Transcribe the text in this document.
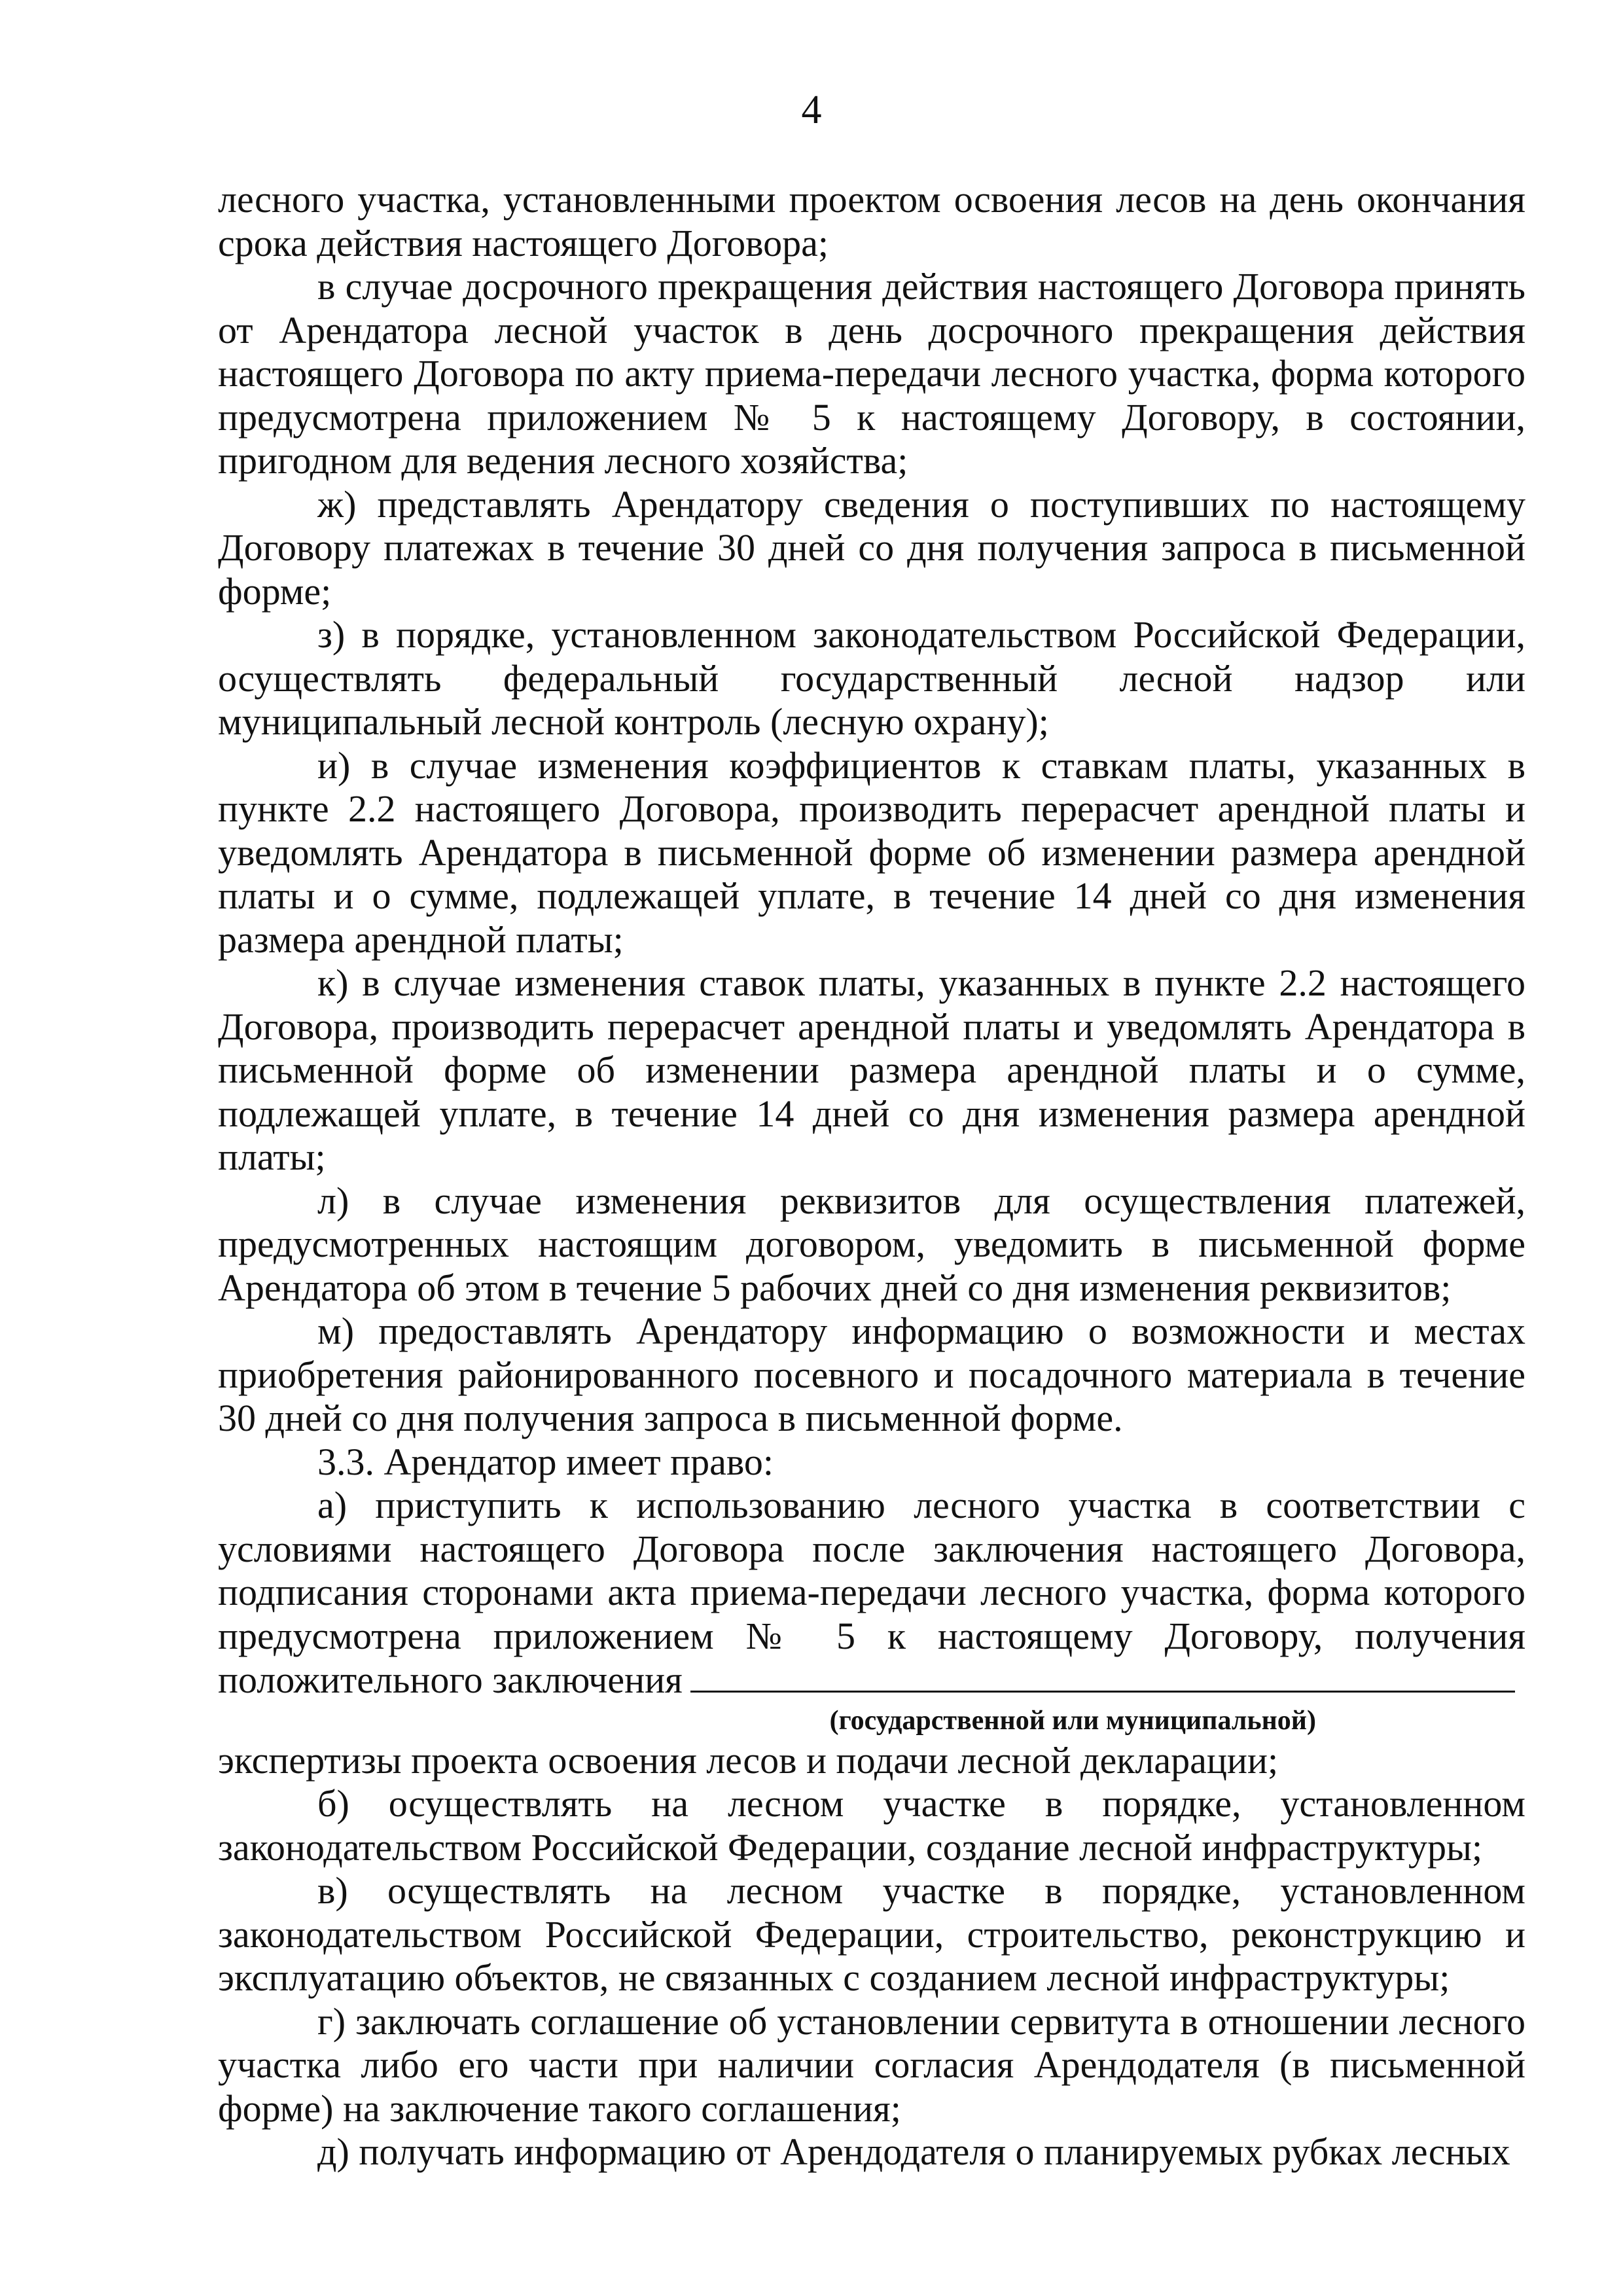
4

лесного участка, установленными проектом освоения лесов на день окончания срока действия настоящего Договора;

в случае досрочного прекращения действия настоящего Договора принять от Арендатора лесной участок в день досрочного прекращения действия настоящего Договора по акту приема-передачи лесного участка, форма которого предусмотрена приложением № 5 к настоящему Договору, в состоянии, пригодном для ведения лесного хозяйства;

ж) представлять Арендатору сведения о поступивших по настоящему Договору платежах в течение 30 дней со дня получения запроса в письменной форме;

з) в порядке, установленном законодательством Российской Федерации, осуществлять федеральный государственный лесной надзор или муниципальный лесной контроль (лесную охрану);

и) в случае изменения коэффициентов к ставкам платы, указанных в пункте 2.2 настоящего Договора, производить перерасчет арендной платы и уведомлять Арендатора в письменной форме об изменении размера арендной платы и о сумме, подлежащей уплате, в течение 14 дней со дня изменения размера арендной платы;

к) в случае изменения ставок платы, указанных в пункте 2.2 настоящего Договора, производить перерасчет арендной платы и уведомлять Арендатора в письменной форме об изменении размера арендной платы и о сумме, подлежащей уплате, в течение 14 дней со дня изменения размера арендной платы;

л) в случае изменения реквизитов для осуществления платежей, предусмотренных настоящим договором, уведомить в письменной форме Арендатора об этом в течение 5 рабочих дней со дня изменения реквизитов;

м) предоставлять Арендатору информацию о возможности и местах приобретения районированного посевного и посадочного материала в течение 30 дней со дня получения запроса в письменной форме.

3.3. Арендатор имеет право:

а) приступить к использованию лесного участка в соответствии с условиями настоящего Договора после заключения настоящего Договора, подписания сторонами акта приема-передачи лесного участка, форма которого предусмотрена приложением № 5 к настоящему Договору, получения положительного заключения

(государственной или муниципальной)

экспертизы проекта освоения лесов и подачи лесной декларации;

б) осуществлять на лесном участке в порядке, установленном законодательством Российской Федерации, создание лесной инфраструктуры;

в) осуществлять на лесном участке в порядке, установленном законодательством Российской Федерации, строительство, реконструкцию и эксплуатацию объектов, не связанных с созданием лесной инфраструктуры;

г) заключать соглашение об установлении сервитута в отношении лесного участка либо его части при наличии согласия Арендодателя (в письменной форме) на заключение такого соглашения;

д) получать информацию от Арендодателя о планируемых рубках лесных
